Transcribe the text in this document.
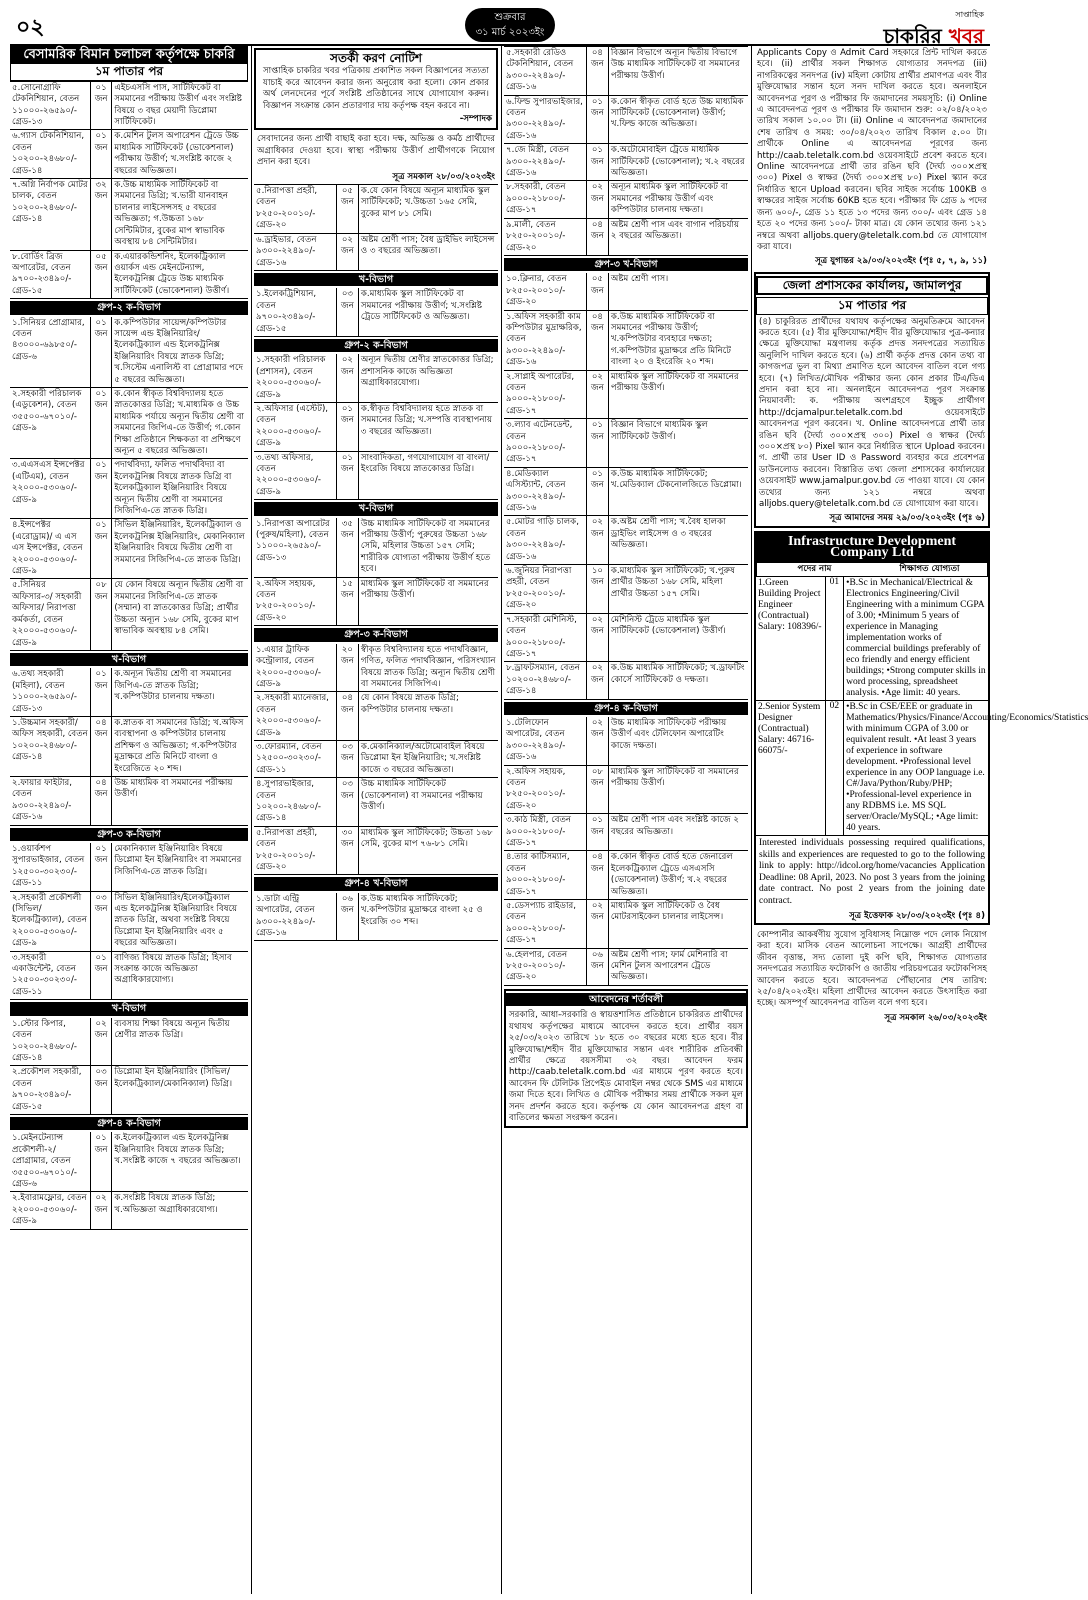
০২	শুক্রবার
৩১ মার্চ ২০২৩ইং
সাপ্তাহিক
চাকরির খবর
বেসামরিক বিমান চলাচল কর্তৃপক্ষে চাকরি
১ম পাতার পর
৫.সোনোগ্রাফি টেকনিশিয়ান, বেতন ১১০০০-২৬৫৯০/- গ্রেড-১৩
০১ জন
এইচএসসি পাস, সার্টিফিকেট বা সমমানের পরীক্ষায় উত্তীর্ণ এবং সংশ্লিষ্ট বিষয়ে ৩ বছর মেয়াদী ডিপ্লোমা সার্টিফিকেট।
৬.গ্যাস টেকনিশিয়ান, বেতন ১০২০০-২৪৬৮০/- গ্রেড-১৪
০১ জন
ক.মেশিন টুলস অপারেশন ট্রেডে উচ্চ মাধ্যমিক সার্টিফিকেট (ভোকেশনাল) পরীক্ষায় উত্তীর্ণ; খ.সংশ্লিষ্ট কাজে ২ বছরের অভিজ্ঞতা।
৭.অগ্নি নির্বাপক মোটর চালক, বেতন ১০২০০-২৪৬৮০/- গ্রেড-১৪
৩২ জন
ক.উচ্চ মাধ্যমিক সার্টিফিকেট বা সমমানের ডিগ্রি; খ.ভারী যানবাহন চালনার লাইসেন্সসহ ৫ বছরের অভিজ্ঞতা; গ.উচ্চতা ১৬৮ সেন্টিমিটার, বুকের মাপ স্বাভাবিক অবস্থায় ৮৪ সেন্টিমিটার।
৮.বোর্ডিং ব্রিজ অপারেটর, বেতন ৯৭০০-২৩৪৯০/- গ্রেড-১৫
০৫ জন
ক.এয়ারকন্ডিশনিং, ইলেকট্রিক্যাল ওয়ার্কস এন্ড মেইনটেন্যান্স, ইলেকট্রনিক্স ট্রেডে উচ্চ মাধ্যমিক সার্টিফিকেট (ভোকেশনাল) উত্তীর্ণ।
গ্রুপ-২ ক-বিভাগ
১.সিনিয়র প্রোগ্রামার, বেতন ৪৩০০০-৬৯৮৫০/- গ্রেড-৬
০১ জন
ক.কম্পিউটার সায়েন্স/কম্পিউটার সায়েন্স এন্ড ইঞ্জিনিয়ারিং/ইলেকট্রিক্যাল এন্ড ইলেকট্রনিক্স ইঞ্জিনিয়ারিং বিষয়ে স্নাতক ডিগ্রি; খ.সিস্টেম এনালিস্ট বা প্রোগ্রামার পদে ৫ বছরের অভিজ্ঞতা।
২.সহকারী পরিচালক (এডুকেশন), বেতন ৩৫৫০০-৬৭০১০/- গ্রেড-৯
০১ জন
ক.কোন স্বীকৃত বিশ্ববিদ্যালয় হতে স্নাতকোত্তর ডিগ্রি; খ.মাধ্যমিক ও উচ্চ মাধ্যমিক পর্যায়ে অন্যূন দ্বিতীয় শ্রেণী বা সমমানের জিপিএ-তে উত্তীর্ণ; গ.কোন শিক্ষা প্রতিষ্ঠানে শিক্ষকতা বা প্রশিক্ষণে অন্যূন ৫ বছরের অভিজ্ঞতা।
৩.এএসএস ইন্সপেক্টর (এটিএম), বেতন ২২০০০-৫৩০৬০/- গ্রেড-৯
০১ জন
পদার্থবিদ্যা, ফলিত পদার্থবিদ্যা বা ইলেকট্রনিক্স বিষয়ে স্নাতক ডিগ্রি বা ইলেকট্রিক্যাল ইঞ্জিনিয়ারিং বিষয়ে অন্যূন দ্বিতীয় শ্রেণী বা সমমানের সিজিপিএ-তে স্নাতক ডিগ্রি।
৪.ইন্সপেক্টর (এরোড্রাম)/ এ এস এস ইন্সপেক্টর, বেতন ২২০০০-৫৩০৬০/- গ্রেড-৯
০১ জন
সিভিল ইঞ্জিনিয়ারিং, ইলেকট্রিক্যাল ও ইলেকট্রনিক্স ইঞ্জিনিয়ারিং, মেকানিক্যাল ইঞ্জিনিয়ারিং বিষয়ে দ্বিতীয় শ্রেণী বা সমমানের সিজিপিএ-তে স্নাতক ডিগ্রি।
৫.সিনিয়র অফিসার-৩/ সহকারী অফিসার/ নিরাপত্তা কর্মকর্তা, বেতন ২২০০০-৫৩০৬০/- গ্রেড-৯
০৮ জন
যে কোন বিষয়ে অন্যূন দ্বিতীয় শ্রেণী বা সমমানের সিজিপিএ-তে স্নাতক (সম্মান) বা স্নাতকোত্তর ডিগ্রি; প্রার্থীর উচ্চতা অন্যূন ১৬৮ সেমি, বুকের মাপ স্বাভাবিক অবস্থায় ৮৪ সেমি।
খ-বিভাগ
৬.তথ্য সহকারী (মহিলা), বেতন ১১০০০-২৬৫৯০/- গ্রেড-১৩
০১ জন
ক.অন্যূন দ্বিতীয় শ্রেণী বা সমমানের জিপিএ-তে স্নাতক ডিগ্রি; খ.কম্পিউটার চালনায় দক্ষতা।
১.উচ্চমান সহকারী/ অফিস সহকারী, বেতন ১০২০০-২৪৬৮০/- গ্রেড-১৪
০৪ জন
ক.স্নাতক বা সমমানের ডিগ্রি; খ.অফিস ব্যবস্থাপনা ও কম্পিউটার চালনায় প্রশিক্ষণ ও অভিজ্ঞতা; গ.কম্পিউটার মুদ্রাক্ষরে প্রতি মিনিটে বাংলা ও ইংরেজিতে ২০ শব্দ।
২.ফায়ার ফাইটার, বেতন ৯৩০০-২২৪৯০/- গ্রেড-১৬
০৪ জন
উচ্চ মাধ্যমিক বা সমমানের পরীক্ষায় উত্তীর্ণ।
গ্রুপ-৩ ক-বিভাগ
১.ওয়ার্কশপ সুপারভাইজার, বেতন ১২৫০০-৩০২৩০/- গ্রেড-১১
০১ জন
মেকানিক্যাল ইঞ্জিনিয়ারিং বিষয়ে ডিপ্লোমা ইন ইঞ্জিনিয়ারিং বা সমমানের সিজিপিএ-তে স্নাতক ডিগ্রি।
২.সহকারী প্রকৌশলী (সিভিল/ ইলেকট্রিক্যাল), বেতন ২২০০০-৫৩০৬০/- গ্রেড-৯
০৩ জন
সিভিল ইঞ্জিনিয়ারিং/ইলেকট্রিক্যাল এন্ড ইলেকট্রনিক্স ইঞ্জিনিয়ারিং বিষয়ে স্নাতক ডিগ্রি, অথবা সংশ্লিষ্ট বিষয়ে ডিপ্লোমা ইন ইঞ্জিনিয়ারিং এবং ৫ বছরের অভিজ্ঞতা।
৩.সহকারী একাউন্টেন্ট, বেতন ১২৫০০-৩০২৩০/- গ্রেড-১১
০১ জন
বাণিজ্য বিষয়ে স্নাতক ডিগ্রি; হিসাব সংক্রান্ত কাজে অভিজ্ঞতা অগ্রাধিকারযোগ্য।
খ-বিভাগ
১.স্টোর কিপার, বেতন ১০২০০-২৪৬৮০/- গ্রেড-১৪
০২ জন
ব্যবসায় শিক্ষা বিষয়ে অন্যূন দ্বিতীয় শ্রেণীর স্নাতক ডিগ্রি।
২.প্রকৌশল সহকারী, বেতন ৯৭০০-২৩৪৯০/- গ্রেড-১৫
০৩ জন
ডিপ্লোমা ইন ইঞ্জিনিয়ারিং (সিভিল/ইলেকট্রিক্যাল/মেকানিক্যাল) ডিগ্রি।
গ্রুপ-৪ ক-বিভাগ
১.মেইনটেন্যান্স প্রকৌশলী-২/ প্রোগ্রামার, বেতন ৩৫৫০০-৬৭০১০/- গ্রেড-৬
০১ জন
ক.ইলেকট্রিক্যাল এন্ড ইলেকট্রনিক্স ইঞ্জিনিয়ারিং বিষয়ে স্নাতক ডিগ্রি; খ.সংশ্লিষ্ট কাজে ৭ বছরের অভিজ্ঞতা।
২.ইবারামফ্লোর, বেতন ২২০০০-৫৩০৬০/- গ্রেড-৯
০২ জন
ক.সংশ্লিষ্ট বিষয়ে স্নাতক ডিগ্রি; খ.অভিজ্ঞতা অগ্রাধিকারযোগ্য।
সতর্কী করণ নোটিশ
সাপ্তাহিক চাকরির খবর পত্রিকায় প্রকাশিত সকল বিজ্ঞাপনের সত্যতা যাচাই করে আবেদন করার জন্য অনুরোধ করা হলো। কোন প্রকার অর্থ লেনদেনের পূর্বে সংশ্লিষ্ট প্রতিষ্ঠানের সাথে যোগাযোগ করুন। বিজ্ঞাপন সংক্রান্ত কোন প্রতারণার দায় কর্তৃপক্ষ বহন করবে না।
-সম্পাদক
সেবাদানের জন্য প্রার্থী বাছাই করা হবে। দক্ষ, অভিজ্ঞ ও কর্মঠ প্রার্থীদের অগ্রাধিকার দেওয়া হবে। স্বাস্থ্য পরীক্ষায় উত্তীর্ণ প্রার্থীগণকে নিয়োগ প্রদান করা হবে।
সূত্র সমকাল ২৮/০৩/২০২৩ইং
৫.নিরাপত্তা প্রহরী, বেতন ৮২৫০-২০০১০/- গ্রেড-২০
০৫ জন
ক.যে কোন বিষয়ে অন্যূন মাধ্যমিক স্কুল সার্টিফিকেট; খ.উচ্চতা ১৬৫ সেমি, বুকের মাপ ৮১ সেমি।
৬.ড্রাইভার, বেতন ৯৩০০-২২৪৯০/- গ্রেড-১৬
০২ জন
অষ্টম শ্রেণী পাস; বৈধ ড্রাইভিং লাইসেন্স ও ৩ বছরের অভিজ্ঞতা।
খ-বিভাগ
১.ইলেকট্রিশিয়ান, বেতন ৯৭০০-২৩৪৯০/- গ্রেড-১৫
০৩ জন
ক.মাধ্যমিক স্কুল সার্টিফিকেট বা সমমানের পরীক্ষায় উত্তীর্ণ; খ.সংশ্লিষ্ট ট্রেডে সার্টিফিকেট ও অভিজ্ঞতা।
গ্রুপ-২ ক-বিভাগ
১.সহকারী পরিচালক (প্রশাসন), বেতন ২২০০০-৫৩০৬০/- গ্রেড-৯
০২ জন
অন্যূন দ্বিতীয় শ্রেণীর স্নাতকোত্তর ডিগ্রি; প্রশাসনিক কাজে অভিজ্ঞতা অগ্রাধিকারযোগ্য।
২.অফিসার (এস্টেট), বেতন ২২০০০-৫৩০৬০/- গ্রেড-৯
০১ জন
ক.স্বীকৃত বিশ্ববিদ্যালয় হতে স্নাতক বা সমমানের ডিগ্রি; খ.সম্পত্তি ব্যবস্থাপনায় ৩ বছরের অভিজ্ঞতা।
৩.তথ্য অফিসার, বেতন ২২০০০-৫৩০৬০/- গ্রেড-৯
০১ জন
সাংবাদিকতা, গণযোগাযোগ বা বাংলা/ইংরেজি বিষয়ে স্নাতকোত্তর ডিগ্রি।
খ-বিভাগ
১.নিরাপত্তা অপারেটর (পুরুষ/মহিলা), বেতন ১১০০০-২৬৫৯০/- গ্রেড-১৩
৩৫ জন
উচ্চ মাধ্যমিক সার্টিফিকেট বা সমমানের পরীক্ষায় উত্তীর্ণ; পুরুষের উচ্চতা ১৬৮ সেমি, মহিলার উচ্চতা ১৫৭ সেমি; শারীরিক যোগ্যতা পরীক্ষায় উত্তীর্ণ হতে হবে।
২.অফিস সহায়ক, বেতন ৮২৫০-২০০১০/- গ্রেড-২০
১৫ জন
মাধ্যমিক স্কুল সার্টিফিকেট বা সমমানের পরীক্ষায় উত্তীর্ণ।
গ্রুপ-৩ ক-বিভাগ
১.এয়ার ট্রাফিক কন্ট্রোলার, বেতন ২২০০০-৫৩০৬০/- গ্রেড-৯
২০ জন
স্বীকৃত বিশ্ববিদ্যালয় হতে পদার্থবিজ্ঞান, গণিত, ফলিত পদার্থবিজ্ঞান, পরিসংখ্যান বিষয়ে স্নাতক ডিগ্রি; অন্যূন দ্বিতীয় শ্রেণী বা সমমানের সিজিপিএ।
২.সহকারী ম্যানেজার, বেতন ২২০০০-৫৩০৬০/- গ্রেড-৯
০৪ জন
যে কোন বিষয়ে স্নাতক ডিগ্রি; কম্পিউটার চালনায় দক্ষতা।
৩.ফোরম্যান, বেতন ১২৫০০-৩০২৩০/- গ্রেড-১১
০৩ জন
ক.মেকানিক্যাল/অটোমোবাইল বিষয়ে ডিপ্লোমা ইন ইঞ্জিনিয়ারিং; খ.সংশ্লিষ্ট কাজে ৩ বছরের অভিজ্ঞতা।
৪.সুপারভাইজার, বেতন ১০২০০-২৪৬৮০/- গ্রেড-১৪
০৩ জন
উচ্চ মাধ্যমিক সার্টিফিকেট (ভোকেশনাল) বা সমমানের পরীক্ষায় উত্তীর্ণ।
৫.নিরাপত্তা প্রহরী, বেতন ৮২৫০-২০০১০/- গ্রেড-২০
৩০ জন
মাধ্যমিক স্কুল সার্টিফিকেট; উচ্চতা ১৬৮ সেমি, বুকের মাপ ৭৬-৮১ সেমি।
গ্রুপ-৪ খ-বিভাগ
১.ডাটা এন্ট্রি অপারেটর, বেতন ৯৩০০-২২৪৯০/- গ্রেড-১৬
০৬ জন
ক.উচ্চ মাধ্যমিক সার্টিফিকেট; খ.কম্পিউটার মুদ্রাক্ষরে বাংলা ২৫ ও ইংরেজি ৩০ শব্দ।
৫.সহকারী রেডিও টেকনিশিয়ান, বেতন ৯৩০০-২২৪৯০/- গ্রেড-১৬
০৪ জন
বিজ্ঞান বিভাগে অন্যূন দ্বিতীয় বিভাগে উচ্চ মাধ্যমিক সার্টিফিকেট বা সমমানের পরীক্ষায় উত্তীর্ণ।
৬.ফিল্ড সুপারভাইজার, বেতন ৯৩০০-২২৪৯০/- গ্রেড-১৬
০১ জন
ক.কোন স্বীকৃত বোর্ড হতে উচ্চ মাধ্যমিক সার্টিফিকেট (ভোকেশনাল) উত্তীর্ণ; খ.ফিল্ড কাজে অভিজ্ঞতা।
৭.জে মিস্ত্রী, বেতন ৯৩০০-২২৪৯০/- গ্রেড-১৬
০১ জন
ক.অটোমোবাইল ট্রেডে মাধ্যমিক সার্টিফিকেট (ভোকেশনাল); খ.২ বছরের অভিজ্ঞতা।
৮.সহকারী, বেতন ৯০০০-২১৮০০/- গ্রেড-১৭
০২ জন
অন্যূন মাধ্যমিক স্কুল সার্টিফিকেট বা সমমানের পরীক্ষায় উত্তীর্ণ এবং কম্পিউটার চালনায় দক্ষতা।
৯.মালী, বেতন ৮২৫০-২০০১০/- গ্রেড-২০
০৪ জন
অষ্টম শ্রেণী পাস এবং বাগান পরিচর্যায় ২ বছরের অভিজ্ঞতা।
গ্রুপ-৩ খ-বিভাগ
১০.ক্লিনার, বেতন ৮২৫০-২০০১০/- গ্রেড-২০
০৫ জন
অষ্টম শ্রেণী পাস।
১.অফিস সহকারী কাম কম্পিউটার মুদ্রাক্ষরিক, বেতন ৯৩০০-২২৪৯০/- গ্রেড-১৬
০৪ জন
ক.উচ্চ মাধ্যমিক সার্টিফিকেট বা সমমানের পরীক্ষায় উত্তীর্ণ; খ.কম্পিউটার ব্যবহারে দক্ষতা; গ.কম্পিউটার মুদ্রাক্ষরে প্রতি মিনিটে বাংলা ২০ ও ইংরেজি ২০ শব্দ।
২.সাপ্লাই অপারেটর, বেতন ৯০০০-২১৮০০/- গ্রেড-১৭
০২ জন
মাধ্যমিক স্কুল সার্টিফিকেট বা সমমানের পরীক্ষায় উত্তীর্ণ।
৩.ল্যাব এটেনডেন্ট, বেতন ৯০০০-২১৮০০/- গ্রেড-১৭
০১ জন
বিজ্ঞান বিভাগে মাধ্যমিক স্কুল সার্টিফিকেট উত্তীর্ণ।
৪.মেডিক্যাল এসিস্ট্যান্ট, বেতন ৯৩০০-২২৪৯০/- গ্রেড-১৬
০১ জন
ক.উচ্চ মাধ্যমিক সার্টিফিকেট; খ.মেডিক্যাল টেকনোলজিতে ডিপ্লোমা।
৫.মোটর গাড়ি চালক, বেতন ৯৩০০-২২৪৯০/- গ্রেড-১৬
০২ জন
ক.অষ্টম শ্রেণী পাস; খ.বৈধ হালকা ড্রাইভিং লাইসেন্স ও ৩ বছরের অভিজ্ঞতা।
৬.জুনিয়র নিরাপত্তা প্রহরী, বেতন ৮২৫০-২০০১০/- গ্রেড-২০
১০ জন
ক.মাধ্যমিক স্কুল সার্টিফিকেট; খ.পুরুষ প্রার্থীর উচ্চতা ১৬৮ সেমি, মহিলা প্রার্থীর উচ্চতা ১৫৭ সেমি।
৭.সহকারী মেশিনিস্ট, বেতন ৯০০০-২১৮০০/- গ্রেড-১৭
০২ জন
মেশিনিস্ট ট্রেডে মাধ্যমিক স্কুল সার্টিফিকেট (ভোকেশনাল) উত্তীর্ণ।
৮.ড্রাফটসম্যান, বেতন ১০২০০-২৪৬৮০/- গ্রেড-১৪
০২ জন
ক.উচ্চ মাধ্যমিক সার্টিফিকেট; খ.ড্রাফটিং কোর্সে সার্টিফিকেট ও দক্ষতা।
গ্রুপ-৪ ক-বিভাগ
১.টেলিফোন অপারেটর, বেতন ৯৩০০-২২৪৯০/- গ্রেড-১৬
০২ জন
উচ্চ মাধ্যমিক সার্টিফিকেট পরীক্ষায় উত্তীর্ণ এবং টেলিফোন অপারেটিং কাজে দক্ষতা।
২.অফিস সহায়ক, বেতন ৮২৫০-২০০১০/- গ্রেড-২০
০৮ জন
মাধ্যমিক স্কুল সার্টিফিকেট বা সমমানের পরীক্ষায় উত্তীর্ণ।
৩.কাঠ মিস্ত্রী, বেতন ৯০০০-২১৮০০/- গ্রেড-১৭
০১ জন
অষ্টম শ্রেণী পাস এবং সংশ্লিষ্ট কাজে ২ বছরের অভিজ্ঞতা।
৪.তার কাটিসম্যান, বেতন ৯০০০-২১৮০০/- গ্রেড-১৭
০৪ জন
ক.কোন স্বীকৃত বোর্ড হতে জেনারেল ইলেকট্রিক্যাল ট্রেডে এসএসসি (ভোকেশনাল) উত্তীর্ণ; খ.২ বছরের অভিজ্ঞতা।
৫.ডেসপ্যাচ রাইডার, বেতন ৯০০০-২১৮০০/- গ্রেড-১৭
০২ জন
মাধ্যমিক স্কুল সার্টিফিকেট ও বৈধ মোটরসাইকেল চালনার লাইসেন্স।
৬.হেলপার, বেতন ৮২৫০-২০০১০/- গ্রেড-২০
০৬ জন
অষ্টম শ্রেণী পাস; ফার্ম মেশিনারি বা মেশিন টুলস অপারেশন ট্রেডে অভিজ্ঞতা।
আবেদনের শর্তাবলী
সরকারি, আধা-সরকারি ও স্বায়ত্তশাসিত প্রতিষ্ঠানে চাকরিরত প্রার্থীদের যথাযথ কর্তৃপক্ষের মাধ্যমে আবেদন করতে হবে। প্রার্থীর বয়স ২৫/০৩/২০২৩ তারিখে ১৮ হতে ৩০ বছরের মধ্যে হতে হবে। বীর মুক্তিযোদ্ধা/শহীদ বীর মুক্তিযোদ্ধার সন্তান এবং শারীরিক প্রতিবন্ধী প্রার্থীর ক্ষেত্রে বয়সসীমা ৩২ বছর। আবেদন ফরম http://caab.teletalk.com.bd এর মাধ্যমে পূরণ করতে হবে। আবেদন ফি টেলিটক প্রিপেইড মোবাইল নম্বর থেকে SMS এর মাধ্যমে জমা দিতে হবে। লিখিত ও মৌখিক পরীক্ষার সময় প্রার্থীকে সকল মূল সনদ প্রদর্শন করতে হবে। কর্তৃপক্ষ যে কোন আবেদনপত্র গ্রহণ বা বাতিলের ক্ষমতা সংরক্ষণ করেন।
Applicants Copy ও Admit Card সহকারে প্রিন্ট দাখিল করতে হবে। (ii) প্রার্থীর সকল শিক্ষাগত যোগ্যতার সনদপত্র (iii) নাগরিকত্বের সনদপত্র (iv) মহিলা কোটায় প্রার্থীর প্রমাণপত্র এবং বীর মুক্তিযোদ্ধার সন্তান হলে সনদ দাখিল করতে হবে। অনলাইনে আবেদনপত্র পূরণ ও পরীক্ষার ফি জমাদানের সময়সূচি: (i) Online এ আবেদনপত্র পূরণ ও পরীক্ষার ফি জমাদান শুরু: ০২/০৪/২০২৩ তারিখ সকাল ১০.০০ টা। (ii) Online এ আবেদনপত্র জমাদানের শেষ তারিখ ও সময়: ৩০/০৪/২০২৩ তারিখ বিকাল ৫.০০ টা। প্রার্থীকে Online এ আবেদনপত্র পূরণের জন্য http://caab.teletalk.com.bd ওয়েবসাইটে প্রবেশ করতে হবে। Online আবেদনপত্রে প্রার্থী তার রঙিন ছবি (দৈর্ঘ্য ৩০০×প্রস্থ ৩০০) Pixel ও স্বাক্ষর (দৈর্ঘ্য ৩০০×প্রস্থ ৮০) Pixel স্ক্যান করে নির্ধারিত স্থানে Upload করবেন। ছবির সাইজ সর্বোচ্চ 100KB ও স্বাক্ষরের সাইজ সর্বোচ্চ 60KB হতে হবে। পরীক্ষার ফি গ্রেড ৯ পদের জন্য ৬০০/-, গ্রেড ১১ হতে ১৩ পদের জন্য ৩০০/- এবং গ্রেড ১৪ হতে ২০ পদের জন্য ১০০/- টাকা মাত্র। যে কোন তথ্যের জন্য ১২১ নম্বরে অথবা alljobs.query@teletalk.com.bd তে যোগাযোগ করা যাবে।
সূত্র যুগান্তর ২৯/০৩/২০২৩ইং (পৃঃ ৫, ৭, ৯, ১১)
জেলা প্রশাসকের কার্যালয়, জামালপুর
১ম পাতার পর
(৪) চাকুরিরত প্রার্থীদের যথাযথ কর্তৃপক্ষের অনুমতিক্রমে আবেদন করতে হবে। (৫) বীর মুক্তিযোদ্ধা/শহীদ বীর মুক্তিযোদ্ধার পুত্র-কন্যার ক্ষেত্রে মুক্তিযোদ্ধা মন্ত্রণালয় কর্তৃক প্রদত্ত সনদপত্রের সত্যায়িত অনুলিপি দাখিল করতে হবে। (৬) প্রার্থী কর্তৃক প্রদত্ত কোন তথ্য বা কাগজপত্র ভুল বা মিথ্যা প্রমাণিত হলে আবেদন বাতিল বলে গণ্য হবে। (৭) লিখিত/মৌখিক পরীক্ষার জন্য কোন প্রকার টিএ/ডিএ প্রদান করা হবে না। অনলাইনে আবেদনপত্র পূরণ সংক্রান্ত নিয়মাবলী: ক. পরীক্ষায় অংশগ্রহণে ইচ্ছুক প্রার্থীগণ http://dcjamalpur.teletalk.com.bd ওয়েবসাইটে আবেদনপত্র পূরণ করবেন। খ. Online আবেদনপত্রে প্রার্থী তার রঙিন ছবি (দৈর্ঘ্য ৩০০×প্রস্থ ৩০০) Pixel ও স্বাক্ষর (দৈর্ঘ্য ৩০০×প্রস্থ ৮০) Pixel স্ক্যান করে নির্ধারিত স্থানে Upload করবেন। গ. প্রার্থী তার User ID ও Password ব্যবহার করে প্রবেশপত্র ডাউনলোড করবেন। বিস্তারিত তথ্য জেলা প্রশাসকের কার্যালয়ের ওয়েবসাইট www.jamalpur.gov.bd তে পাওয়া যাবে। যে কোন তথ্যের জন্য ১২১ নম্বরে অথবা alljobs.query@teletalk.com.bd তে যোগাযোগ করা যাবে।
সূত্র আমাদের সময় ২৯/০৩/২০২৩ইং (পৃঃ ৬)
Infrastructure Development Company Ltd
পদের নাম	শিক্ষাগত যোগ্যতা
1.Green Building Project Engineer (Contractual) Salary: 108396/-
01 •B.Sc in Mechanical/Electrical & Electronics Engineering/Civil Engineering with a minimum CGPA of 3.00; •Minimum 5 years of experience in Managing implementation works of commercial buildings preferably of eco friendly and energy efficient buildings; •Strong computer skills in word processing, spreadsheet analysis. •Age limit: 40 years.
2.Senior System Designer (Contractual) Salary: 46716-66075/-
02 •B.Sc in CSE/EEE or graduate in Mathematics/Physics/Finance/Accounting/Economics/Statistics with minimum CGPA of 3.00 or equivalent result. •At least 3 years of experience in software development. •Professional level experience in any OOP language i.e. C#/Java/Python/Ruby/PHP; •Professional-level experience in any RDBMS i.e. MS SQL server/Oracle/MySQL; •Age limit: 40 years.
Interested individuals possessing required qualifications, skills and experiences are requested to go to the following link to apply: http://idcol.org/home/vacancies Application Deadline: 08 April, 2023. No post 3 years from the joining date contract. No post 2 years from the joining date contract.
সূত্র ইত্তেফাক ২৮/০৩/২০২৩ইং (পৃঃ ৪)
কোম্পানীর আকর্ষণীয় সুযোগ সুবিধাসহ নিম্নোক্ত পদে লোক নিয়োগ করা হবে। মাসিক বেতন আলোচনা সাপেক্ষে। আগ্রহী প্রার্থীদের জীবন বৃত্তান্ত, সদ্য তোলা দুই কপি ছবি, শিক্ষাগত যোগ্যতার সনদপত্রের সত্যায়িত ফটোকপি ও জাতীয় পরিচয়পত্রের ফটোকপিসহ আবেদন করতে হবে। আবেদনপত্র পৌঁছানোর শেষ তারিখ: ২৫/০৪/২০২৩ইং। মহিলা প্রার্থীদের আবেদন করতে উৎসাহিত করা হচ্ছে। অসম্পূর্ণ আবেদনপত্র বাতিল বলে গণ্য হবে।
সূত্র সমকাল ২৬/০৩/২০২৩ইং
